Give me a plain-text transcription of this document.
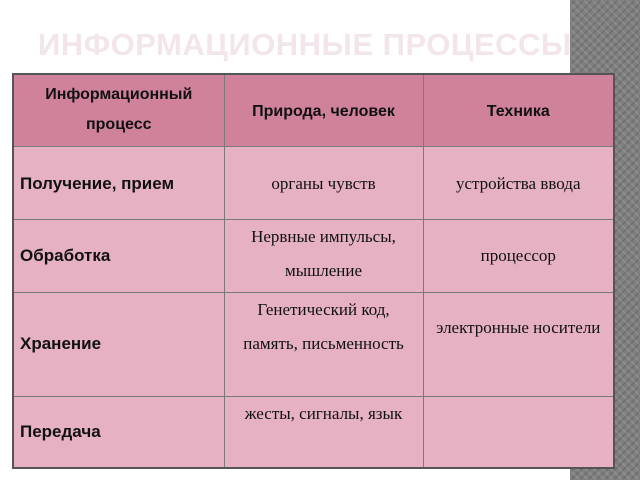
ИНФОРМАЦИОННЫЕ ПРОЦЕССЫ
Информационный процесс	Природа, человек	Техника
Получение, прием	органы чувств	устройства ввода
Обработка	Нервные импульсы, мышление	процессор
Хранение	Генетический код, память, письменность	электронные носители
Передача	жесты, сигналы, язык	
